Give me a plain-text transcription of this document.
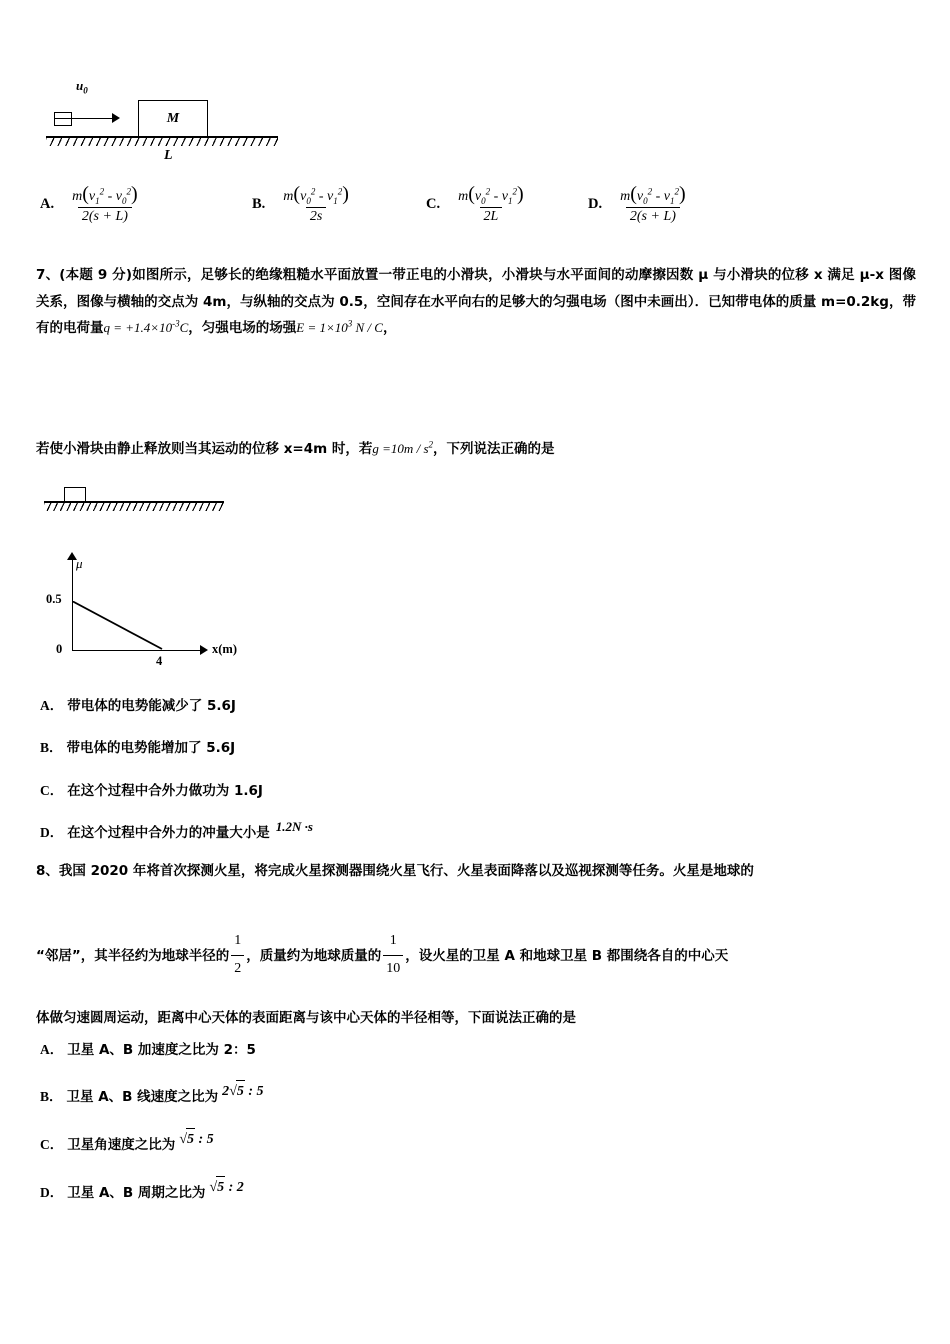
$u_0$
M
L
A. $\frac{m(v_1^2 - v_0^2)}{2(s + L)}$	B. $\frac{m(v_0^2 - v_1^2)}{2s}$	C. $\frac{m(v_0^2 - v_1^2)}{2L}$	D. $\frac{m(v_0^2 - v_1^2)}{2(s + L)}$
7、(本题 9 分)如图所示，足够长的绝缘粗糙水平面放置一带正电的小滑块，小滑块与水平面间的动摩擦因数 μ 与小滑块的位移 x 满足 μ-x 图像关系，图像与横轴的交点为 4m，与纵轴的交点为 0.5，空间存在水平向右的足够大的匀强电场（图中未画出）．已知带电体的质量 m=0.2kg，带有的电荷量$q = +1.4\times 10^{-3}C$，匀强电场的场强$E = 1\times 10^3$ N / C，
若使小滑块由静止释放则当其运动的位移 x=4m 时，若$g =10m / s^2$，下列说法正确的是
μ
0.5
0
4
x(m)
A． 带电体的电势能减少了 5.6J
B． 带电体的电势能增加了 5.6J
C． 在这个过程中合外力做功为 1.6J
D． 在这个过程中合外力的冲量大小是 1.2N ·s
8、我国 2020 年将首次探测火星，将完成火星探测器围绕火星飞行、火星表面降落以及巡视探测等任务。火星是地球的
“邻居”，其半径约为地球半径的 $\frac{1}{2}$ ，质量约为地球质量的 $\frac{1}{10}$ ，设火星的卫星 A 和地球卫星 B 都围绕各自的中心天
体做匀速圆周运动，距离中心天体的表面距离与该中心天体的半径相等，下面说法正确的是
A． 卫星 A、B 加速度之比为 2：5
B． 卫星 A、B 线速度之比为 2√5 : 5
C． 卫星角速度之比为 √5 : 5
D． 卫星 A、B 周期之比为 √5 : 2
